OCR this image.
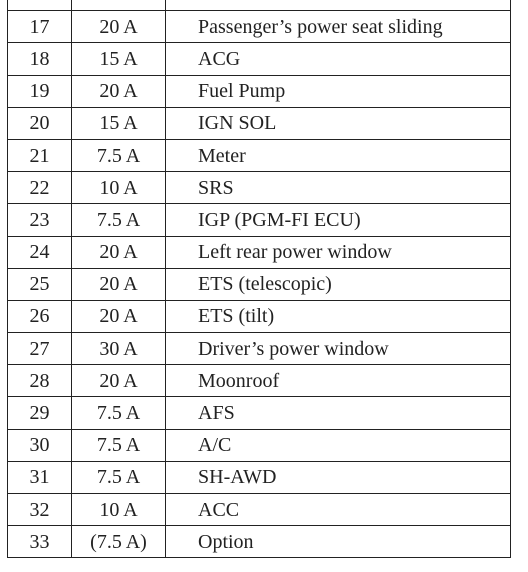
17	20 A	Passenger’s power seat sliding
18	15 A	ACG
19	20 A	Fuel Pump
20	15 A	IGN SOL
21	7.5 A	Meter
22	10 A	SRS
23	7.5 A	IGP (PGM-FI ECU)
24	20 A	Left rear power window
25	20 A	ETS (telescopic)
26	20 A	ETS (tilt)
27	30 A	Driver’s power window
28	20 A	Moonroof
29	7.5 A	AFS
30	7.5 A	A/C
31	7.5 A	SH-AWD
32	10 A	ACC
33	(7.5 A)	Option
